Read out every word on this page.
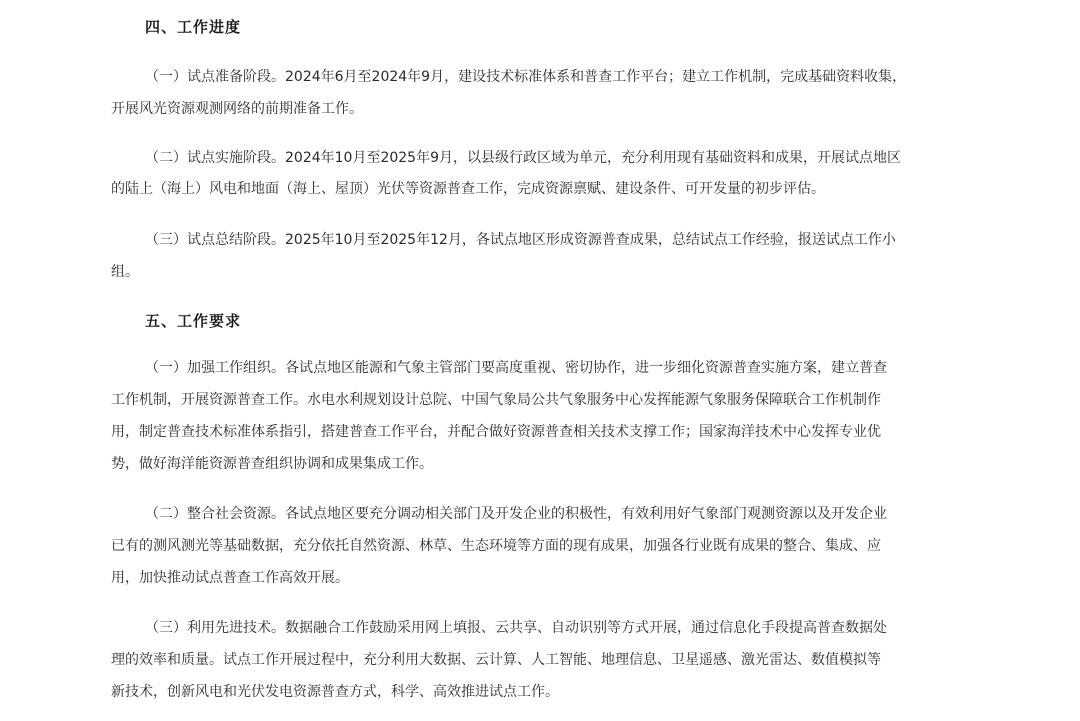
四、工作进度
（一）试点准备阶段。2024年6月至2024年9月，建设技术标准体系和普查工作平台；建立工作机制，完成基础资料收集，
开展风光资源观测网络的前期准备工作。
（二）试点实施阶段。2024年10月至2025年9月，以县级行政区域为单元，充分利用现有基础资料和成果，开展试点地区
的陆上（海上）风电和地面（海上、屋顶）光伏等资源普查工作，完成资源禀赋、建设条件、可开发量的初步评估。
（三）试点总结阶段。2025年10月至2025年12月，各试点地区形成资源普查成果，总结试点工作经验，报送试点工作小
组。
五、工作要求
（一）加强工作组织。各试点地区能源和气象主管部门要高度重视、密切协作，进一步细化资源普查实施方案，建立普查
工作机制，开展资源普查工作。水电水利规划设计总院、中国气象局公共气象服务中心发挥能源气象服务保障联合工作机制作
用，制定普查技术标准体系指引，搭建普查工作平台，并配合做好资源普查相关技术支撑工作；国家海洋技术中心发挥专业优
势，做好海洋能资源普查组织协调和成果集成工作。
（二）整合社会资源。各试点地区要充分调动相关部门及开发企业的积极性，有效利用好气象部门观测资源以及开发企业
已有的测风测光等基础数据，充分依托自然资源、林草、生态环境等方面的现有成果，加强各行业既有成果的整合、集成、应
用，加快推动试点普查工作高效开展。
（三）利用先进技术。数据融合工作鼓励采用网上填报、云共享、自动识别等方式开展，通过信息化手段提高普查数据处
理的效率和质量。试点工作开展过程中，充分利用大数据、云计算、人工智能、地理信息、卫星遥感、激光雷达、数值模拟等
新技术，创新风电和光伏发电资源普查方式，科学、高效推进试点工作。
